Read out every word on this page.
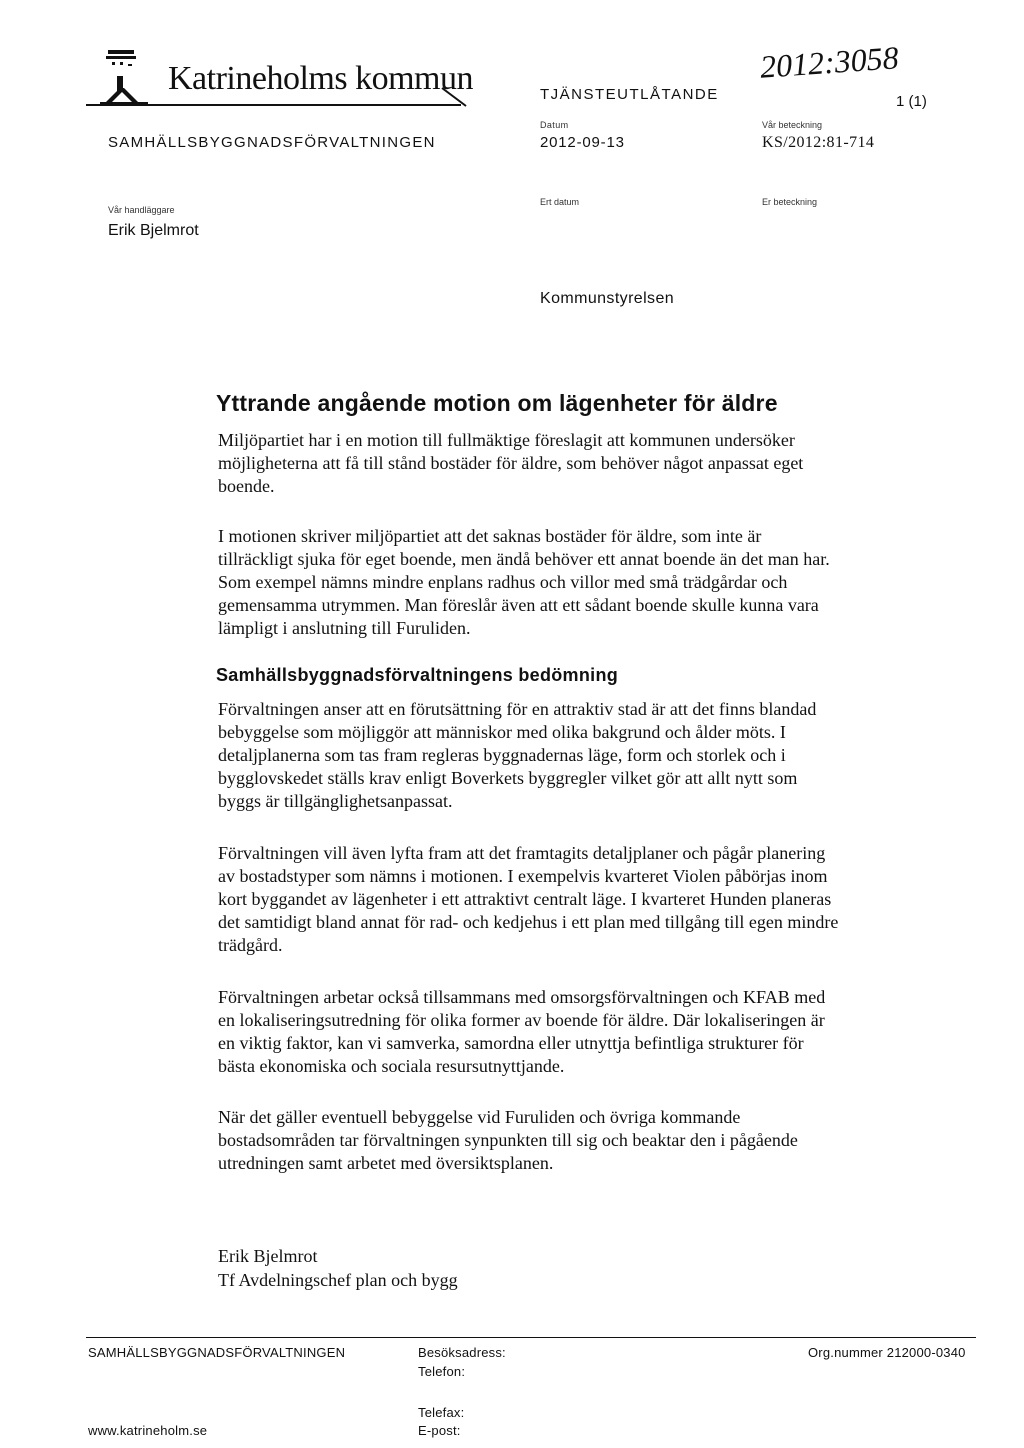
Katrineholms kommun	TJÄNSTEUTLÅTANDE
2012:3058
1 (1)
SAMHÄLLSBYGGNADSFÖRVALTNINGEN
Datum
2012-09-13
Vår beteckning
KS/2012:81-714
Vår handläggare
Erik Bjelmrot
Ert datum	Er beteckning
Kommunstyrelsen
Yttrande angående motion om lägenheter för äldre

Miljöpartiet har i en motion till fullmäktige föreslagit att kommunen undersöker
möjligheterna att få till stånd bostäder för äldre, som behöver något anpassat eget
boende.

I motionen skriver miljöpartiet att det saknas bostäder för äldre, som inte är
tillräckligt sjuka för eget boende, men ändå behöver ett annat boende än det man har.
Som exempel nämns mindre enplans radhus och villor med små trädgårdar och
gemensamma utrymmen. Man föreslår även att ett sådant boende skulle kunna vara
lämpligt i anslutning till Furuliden.

Samhällsbyggnadsförvaltningens bedömning

Förvaltningen anser att en förutsättning för en attraktiv stad är att det finns blandad
bebyggelse som möjliggör att människor med olika bakgrund och ålder möts. I
detaljplanerna som tas fram regleras byggnadernas läge, form och storlek och i
bygglovskedet ställs krav enligt Boverkets byggregler vilket gör att allt nytt som
byggs är tillgänglighetsanpassat.

Förvaltningen vill även lyfta fram att det framtagits detaljplaner och pågår planering
av bostadstyper som nämns i motionen. I exempelvis kvarteret Violen påbörjas inom
kort byggandet av lägenheter i ett attraktivt centralt läge. I kvarteret Hunden planeras
det samtidigt bland annat för rad- och kedjehus i ett plan med tillgång till egen mindre
trädgård.

Förvaltningen arbetar också tillsammans med omsorgsförvaltningen och KFAB med
en lokaliseringsutredning för olika former av boende för äldre. Där lokaliseringen är
en viktig faktor, kan vi samverka, samordna eller utnyttja befintliga strukturer för
bästa ekonomiska och sociala resursutnyttjande.

När det gäller eventuell bebyggelse vid Furuliden och övriga kommande
bostadsområden tar förvaltningen synpunkten till sig och beaktar den i pågående
utredningen samt arbetet med översiktsplanen.

Erik Bjelmrot
Tf Avdelningschef plan och bygg
SAMHÄLLSBYGGNADSFÖRVALTNINGEN
www.katrineholm.se
Besöksadress:
Telefon:
Telefax:
E-post:
Org.nummer 212000-0340
